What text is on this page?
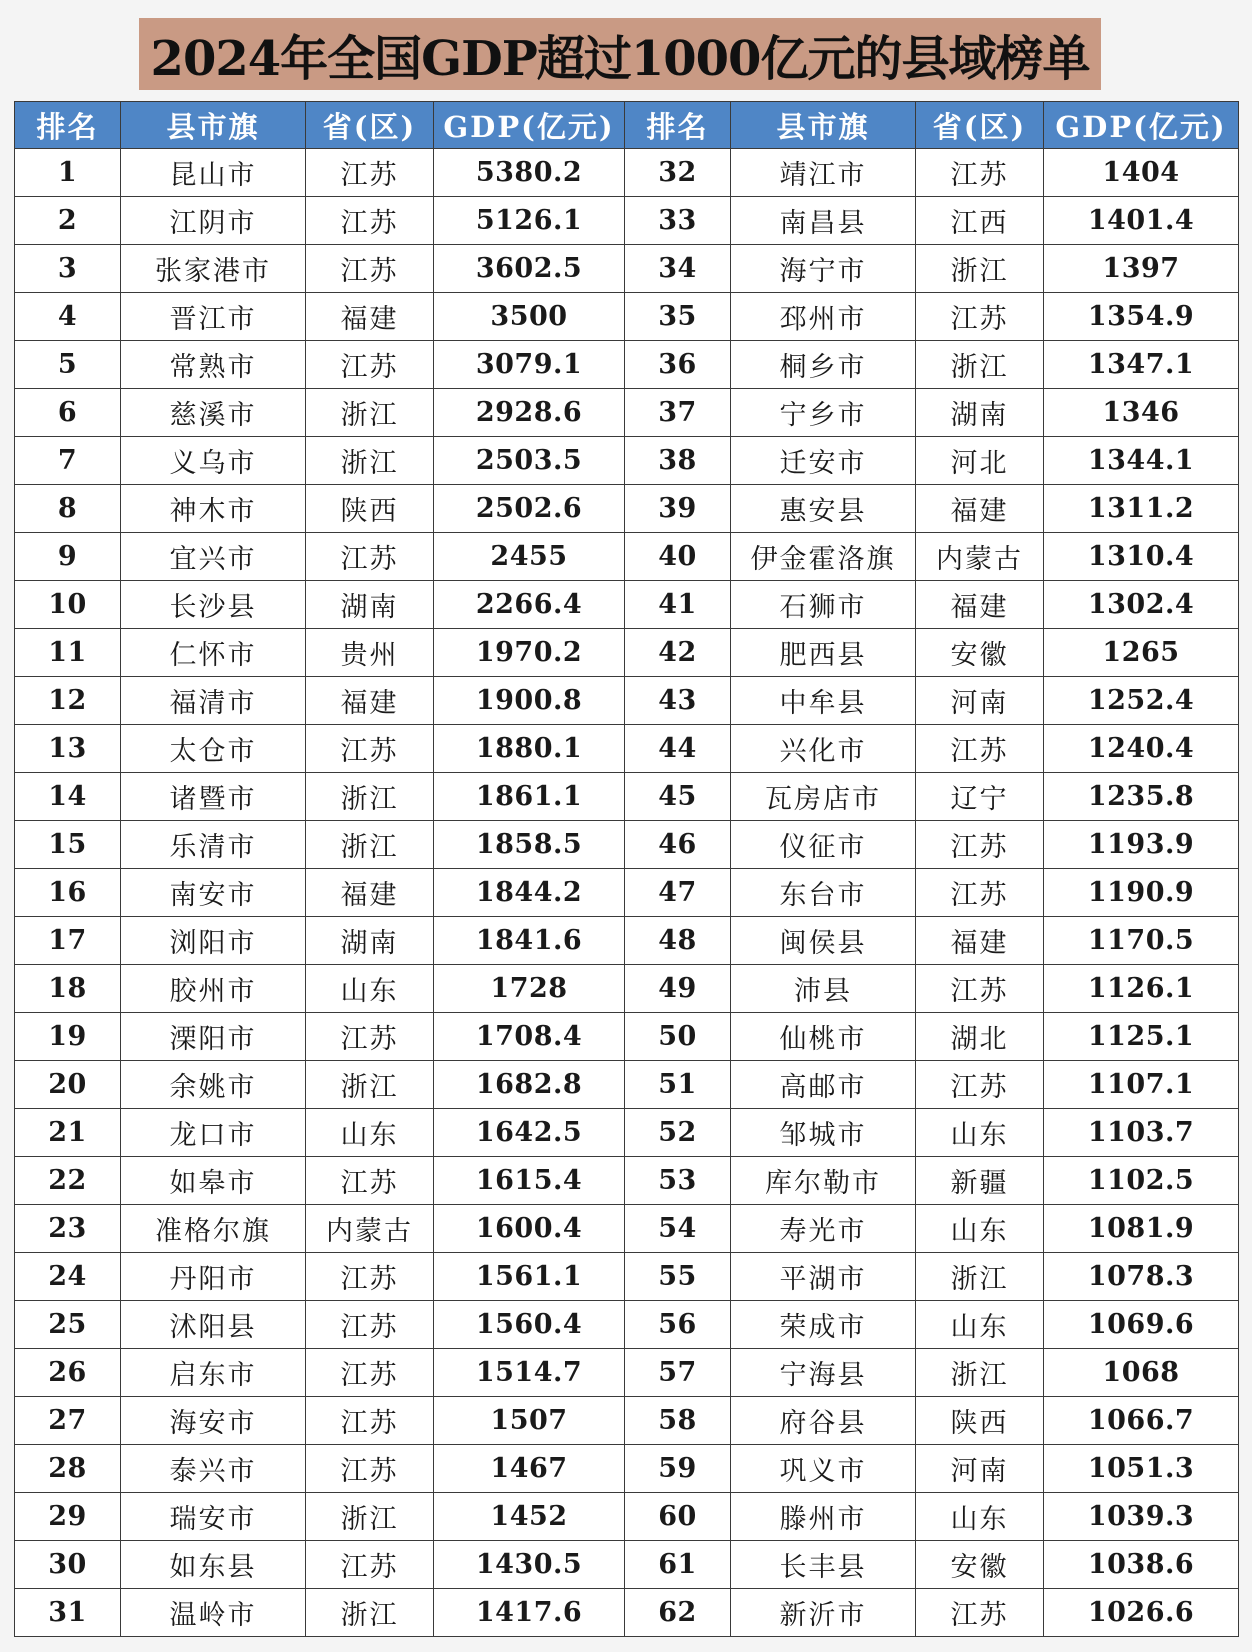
2024年全国GDP超过1000亿元的县域榜单
排名	县市旗	省(区)	GDP(亿元)	排名	县市旗	省(区)	GDP(亿元)
1	昆山市	江苏	5380.2	32	靖江市	江苏	1404
2	江阴市	江苏	5126.1	33	南昌县	江西	1401.4
3	张家港市	江苏	3602.5	34	海宁市	浙江	1397
4	晋江市	福建	3500	35	邳州市	江苏	1354.9
5	常熟市	江苏	3079.1	36	桐乡市	浙江	1347.1
6	慈溪市	浙江	2928.6	37	宁乡市	湖南	1346
7	义乌市	浙江	2503.5	38	迁安市	河北	1344.1
8	神木市	陕西	2502.6	39	惠安县	福建	1311.2
9	宜兴市	江苏	2455	40	伊金霍洛旗	内蒙古	1310.4
10	长沙县	湖南	2266.4	41	石狮市	福建	1302.4
11	仁怀市	贵州	1970.2	42	肥西县	安徽	1265
12	福清市	福建	1900.8	43	中牟县	河南	1252.4
13	太仓市	江苏	1880.1	44	兴化市	江苏	1240.4
14	诸暨市	浙江	1861.1	45	瓦房店市	辽宁	1235.8
15	乐清市	浙江	1858.5	46	仪征市	江苏	1193.9
16	南安市	福建	1844.2	47	东台市	江苏	1190.9
17	浏阳市	湖南	1841.6	48	闽侯县	福建	1170.5
18	胶州市	山东	1728	49	沛县	江苏	1126.1
19	溧阳市	江苏	1708.4	50	仙桃市	湖北	1125.1
20	余姚市	浙江	1682.8	51	高邮市	江苏	1107.1
21	龙口市	山东	1642.5	52	邹城市	山东	1103.7
22	如皋市	江苏	1615.4	53	库尔勒市	新疆	1102.5
23	准格尔旗	内蒙古	1600.4	54	寿光市	山东	1081.9
24	丹阳市	江苏	1561.1	55	平湖市	浙江	1078.3
25	沭阳县	江苏	1560.4	56	荣成市	山东	1069.6
26	启东市	江苏	1514.7	57	宁海县	浙江	1068
27	海安市	江苏	1507	58	府谷县	陕西	1066.7
28	泰兴市	江苏	1467	59	巩义市	河南	1051.3
29	瑞安市	浙江	1452	60	滕州市	山东	1039.3
30	如东县	江苏	1430.5	61	长丰县	安徽	1038.6
31	温岭市	浙江	1417.6	62	新沂市	江苏	1026.6
